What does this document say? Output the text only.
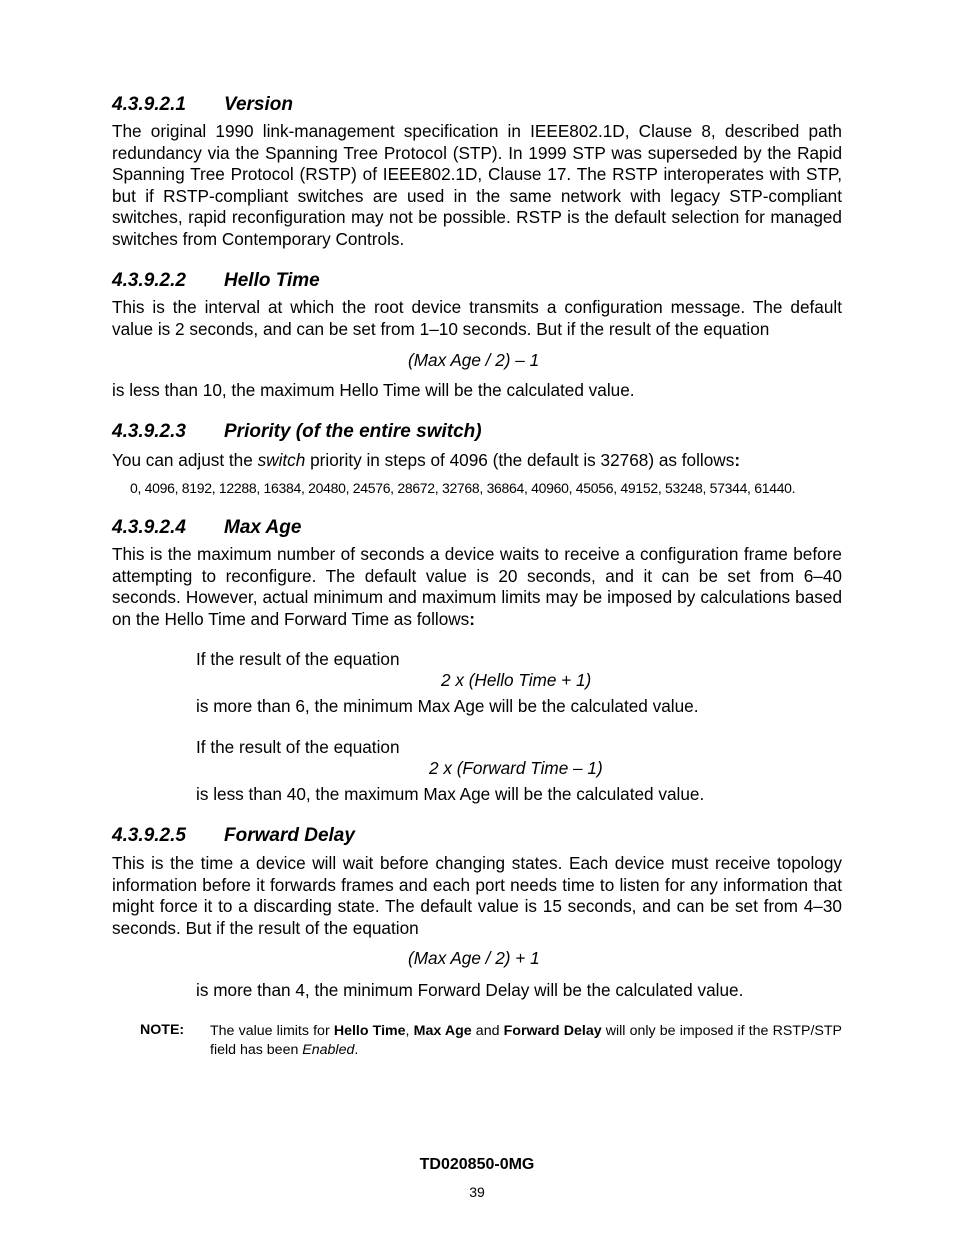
4.3.9.2.1 Version
The original 1990 link-management specification in IEEE802.1D, Clause 8, described path redundancy via the Spanning Tree Protocol (STP). In 1999 STP was superseded by the Rapid Spanning Tree Protocol (RSTP) of IEEE802.1D, Clause 17. The RSTP interoperates with STP, but if RSTP-compliant switches are used in the same network with legacy STP-compliant switches, rapid reconfiguration may not be possible. RSTP is the default selection for managed switches from Contemporary Controls.
4.3.9.2.2 Hello Time
This is the interval at which the root device transmits a configuration message. The default value is 2 seconds, and can be set from 1–10 seconds. But if the result of the equation
(Max Age / 2) – 1
is less than 10, the maximum Hello Time will be the calculated value.
4.3.9.2.3 Priority (of the entire switch)
You can adjust the switch priority in steps of 4096 (the default is 32768) as follows:
0, 4096, 8192, 12288, 16384, 20480, 24576, 28672, 32768, 36864, 40960, 45056, 49152, 53248, 57344, 61440.
4.3.9.2.4 Max Age
This is the maximum number of seconds a device waits to receive a configuration frame before attempting to reconfigure. The default value is 20 seconds, and it can be set from 6–40 seconds. However, actual minimum and maximum limits may be imposed by calculations based on the Hello Time and Forward Time as follows:
If the result of the equation
2 x (Hello Time + 1)
is more than 6, the minimum Max Age will be the calculated value.
If the result of the equation
2 x (Forward Time – 1)
is less than 40, the maximum Max Age will be the calculated value.
4.3.9.2.5 Forward Delay
This is the time a device will wait before changing states. Each device must receive topology information before it forwards frames and each port needs time to listen for any information that might force it to a discarding state. The default value is 15 seconds, and can be set from 4–30 seconds. But if the result of the equation
(Max Age / 2) + 1
is more than 4, the minimum Forward Delay will be the calculated value.
NOTE: The value limits for Hello Time, Max Age and Forward Delay will only be imposed if the RSTP/STP field has been Enabled.
TD020850-0MG
39
